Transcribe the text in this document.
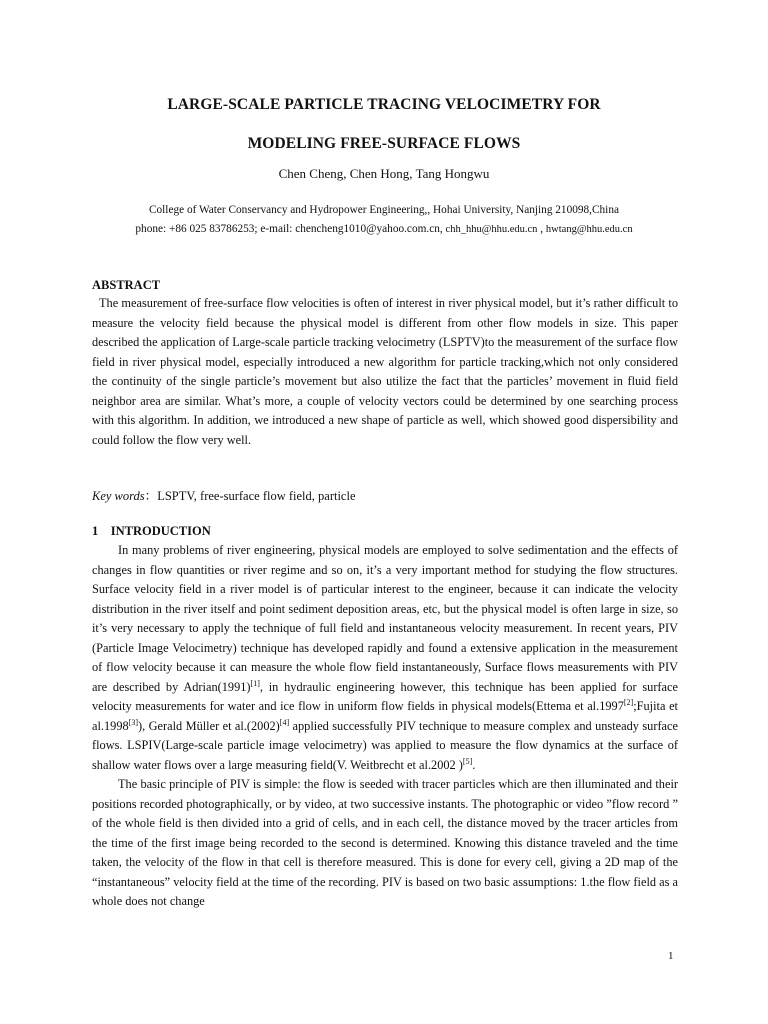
LARGE-SCALE PARTICLE TRACING VELOCIMETRY FOR
MODELING FREE-SURFACE FLOWS
Chen Cheng, Chen Hong, Tang Hongwu
College of Water Conservancy and Hydropower Engineering,, Hohai University, Nanjing 210098,China
phone: +86 025 83786253; e-mail: chencheng1010@yahoo.com.cn, chh_hhu@hhu.edu.cn , hwtang@hhu.edu.cn
ABSTRACT

The measurement of free-surface flow velocities is often of interest in river physical model, but it’s rather difficult to measure the velocity field because the physical model is different from other flow models in size. This paper described the application of Large-scale particle tracking velocimetry (LSPTV)to the measurement of the surface flow field in river physical model, especially introduced a new algorithm for particle tracking,which not only considered the continuity of the single particle’s movement but also utilize the fact that the particles’ movement in fluid field neighbor area are similar. What’s more, a couple of velocity vectors could be determined by one searching process with this algorithm. In addition, we introduced a new shape of particle as well, which showed good dispersibility and could follow the flow very well.

Key words：LSPTV, free-surface flow field, particle
1    INTRODUCTION

In many problems of river engineering, physical models are employed to solve sedimentation and the effects of changes in flow quantities or river regime and so on, it’s a very important method for studying the flow structures. Surface velocity field in a river model is of particular interest to the engineer, because it can indicate the velocity distribution in the river itself and point sediment deposition areas, etc, but the physical model is often large in size, so it’s very necessary to apply the technique of full field and instantaneous velocity measurement. In recent years, PIV (Particle Image Velocimetry) technique has developed rapidly and found a extensive application in the measurement of flow velocity because it can measure the whole flow field instantaneously, Surface flows measurements with PIV are described by Adrian(1991)[1], in hydraulic engineering however, this technique has been applied for surface velocity measurements for water and ice flow in uniform flow fields in physical models(Ettema et al.1997[2];Fujita et al.1998[3]), Gerald Müller et al.(2002)[4] applied successfully PIV technique to measure complex and unsteady surface flows. LSPIV(Large-scale particle image velocimetry) was applied to measure the flow dynamics at the surface of shallow water flows over a large measuring field(V. Weitbrecht et al.2002 )[5].

The basic principle of PIV is simple: the flow is seeded with tracer particles which are then illuminated and their positions recorded photographically, or by video, at two successive instants. The photographic or video ”flow record ” of the whole field is then divided into a grid of cells, and in each cell, the distance moved by the tracer articles from the time of the first image being recorded to the second is determined. Knowing this distance traveled and the time taken, the velocity of the flow in that cell is therefore measured. This is done for every cell, giving a 2D map of the “instantaneous” velocity field at the time of the recording. PIV is based on two basic assumptions: 1.the flow field as a whole does not change

1
